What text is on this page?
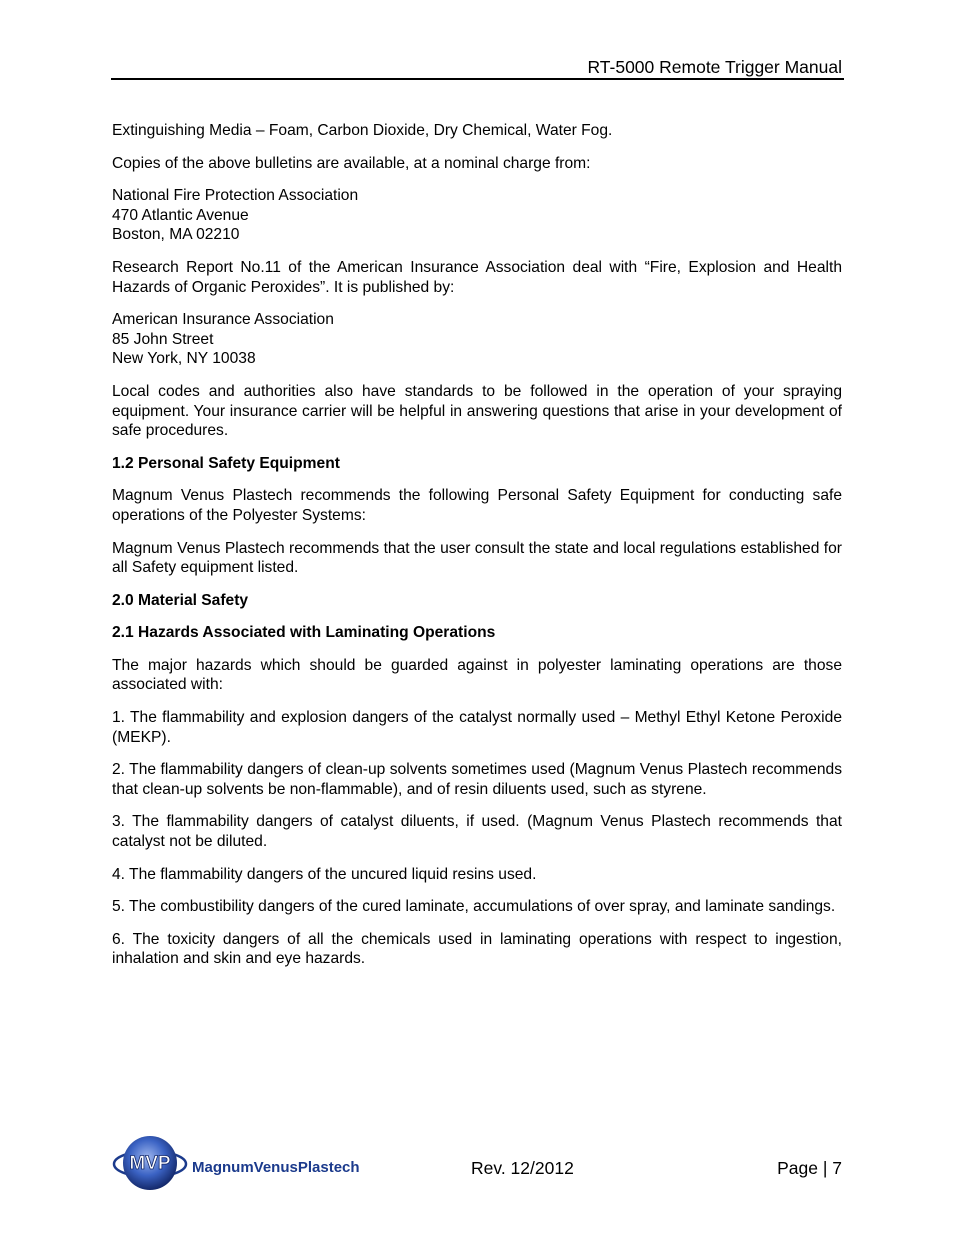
RT-5000 Remote Trigger Manual

Extinguishing Media – Foam, Carbon Dioxide, Dry Chemical, Water Fog.

Copies of the above bulletins are available, at a nominal charge from:

National Fire Protection Association
470 Atlantic Avenue
Boston, MA 02210

Research Report No.11 of the American Insurance Association deal with “Fire, Explosion and Health Hazards of Organic Peroxides”. It is published by:

American Insurance Association
85 John Street
New York, NY 10038

Local codes and authorities also have standards to be followed in the operation of your spraying equipment. Your insurance carrier will be helpful in answering questions that arise in your development of safe procedures.

1.2 Personal Safety Equipment

Magnum Venus Plastech recommends the following Personal Safety Equipment for conducting safe operations of the Polyester Systems:

Magnum Venus Plastech recommends that the user consult the state and local regulations established for all Safety equipment listed.

2.0 Material Safety
2.1 Hazards Associated with Laminating Operations

The major hazards which should be guarded against in polyester laminating operations are those associated with:

1. The flammability and explosion dangers of the catalyst normally used – Methyl Ethyl Ketone Peroxide (MEKP).

2. The flammability dangers of clean-up solvents sometimes used (Magnum Venus Plastech recommends that clean-up solvents be non-flammable), and of resin diluents used, such as styrene.

3. The flammability dangers of catalyst diluents, if used. (Magnum Venus Plastech recommends that catalyst not be diluted.

4. The flammability dangers of the uncured liquid resins used.

5. The combustibility dangers of the cured laminate, accumulations of over spray, and laminate sandings.

6. The toxicity dangers of all the chemicals used in laminating operations with respect to ingestion, inhalation and skin and eye hazards.

MVP MagnumVenusPlastech	Rev. 12/2012	Page | 7
